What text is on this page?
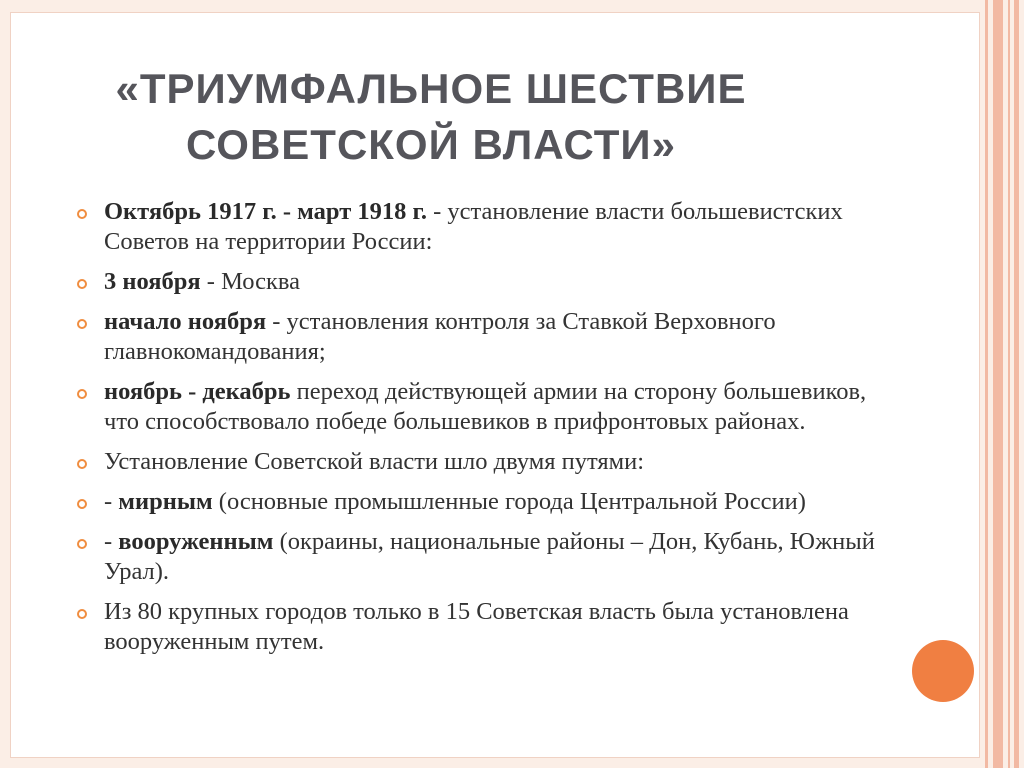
«ТРИУМФАЛЬНОЕ ШЕСТВИЕ
СОВЕТСКОЙ ВЛАСТИ»
Октябрь 1917 г. - март 1918 г. - установление власти большевистских Советов на территории России:
3 ноября - Москва
начало ноября - установления контроля за Ставкой Верховного главнокомандования;
ноябрь - декабрь переход действующей армии на сторону большевиков, что способствовало победе большевиков в прифронтовых районах.
Установление Советской власти шло двумя путями:
- мирным (основные промышленные города Центральной России)
- вооруженным (окраины, национальные районы – Дон, Кубань, Южный Урал).
Из 80 крупных городов только в 15 Советская власть была установлена вооруженным путем.
